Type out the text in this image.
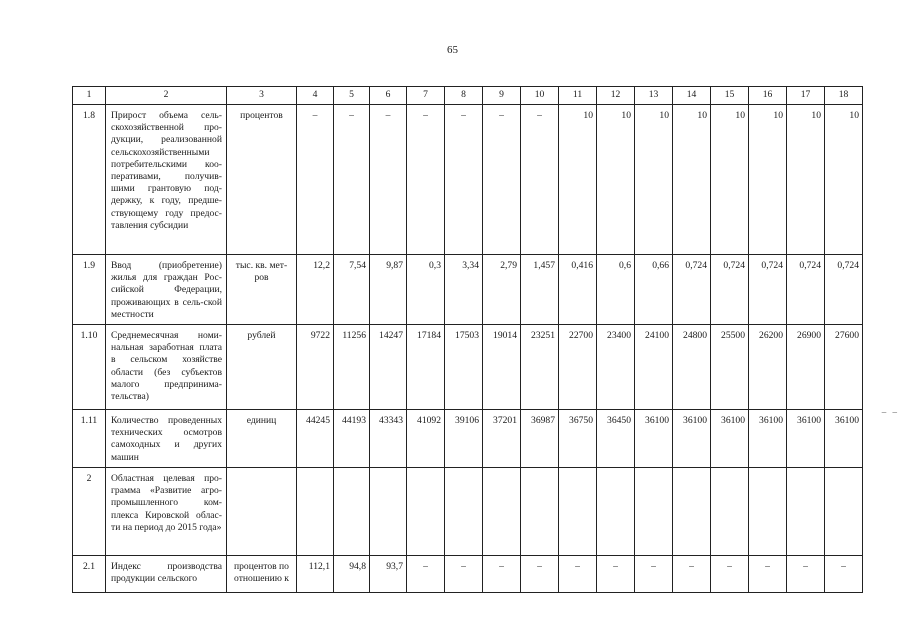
65
1	2	3	4	5	6	7	8	9	10	11	12	13	14	15	16	17	18
1.8	Прирост объема сель-скохозяйственной про-дукции, реализованной сельскохозяйственными потребительскими коо-перативами, получив-шими грантовую под-держку, к году, предше-ствующему году предос-тавления субсидии	процентов	–	–	–	–	–	–	–	10	10	10	10	10	10	10	10
1.9	Ввод (приобретение) жилья для граждан Рос-сийской Федерации, проживающих в сель-ской местности	тыс. кв. мет-ров	12,2	7,54	9,87	0,3	3,34	2,79	1,457	0,416	0,6	0,66	0,724	0,724	0,724	0,724	0,724
1.10	Среднемесячная номи-нальная заработная плата в сельском хозяйстве области (без субъектов малого предпринима-тельства)	рублей	9722	11256	14247	17184	17503	19014	23251	22700	23400	24100	24800	25500	26200	26900	27600
1.11	Количество проведенных технических осмотров самоходных и других машин	единиц	44245	44193	43343	41092	39106	37201	36987	36750	36450	36100	36100	36100	36100	36100	36100
2	Областная целевая про-грамма «Развитие агро-промышленного ком-плекса Кировской облас-ти на период до 2015 года»																
2.1	Индекс производства продукции сельского	процентов по отношению к	112,1	94,8	93,7	–	–	–	–	–	–	–	–	–	–	–	–
– –
